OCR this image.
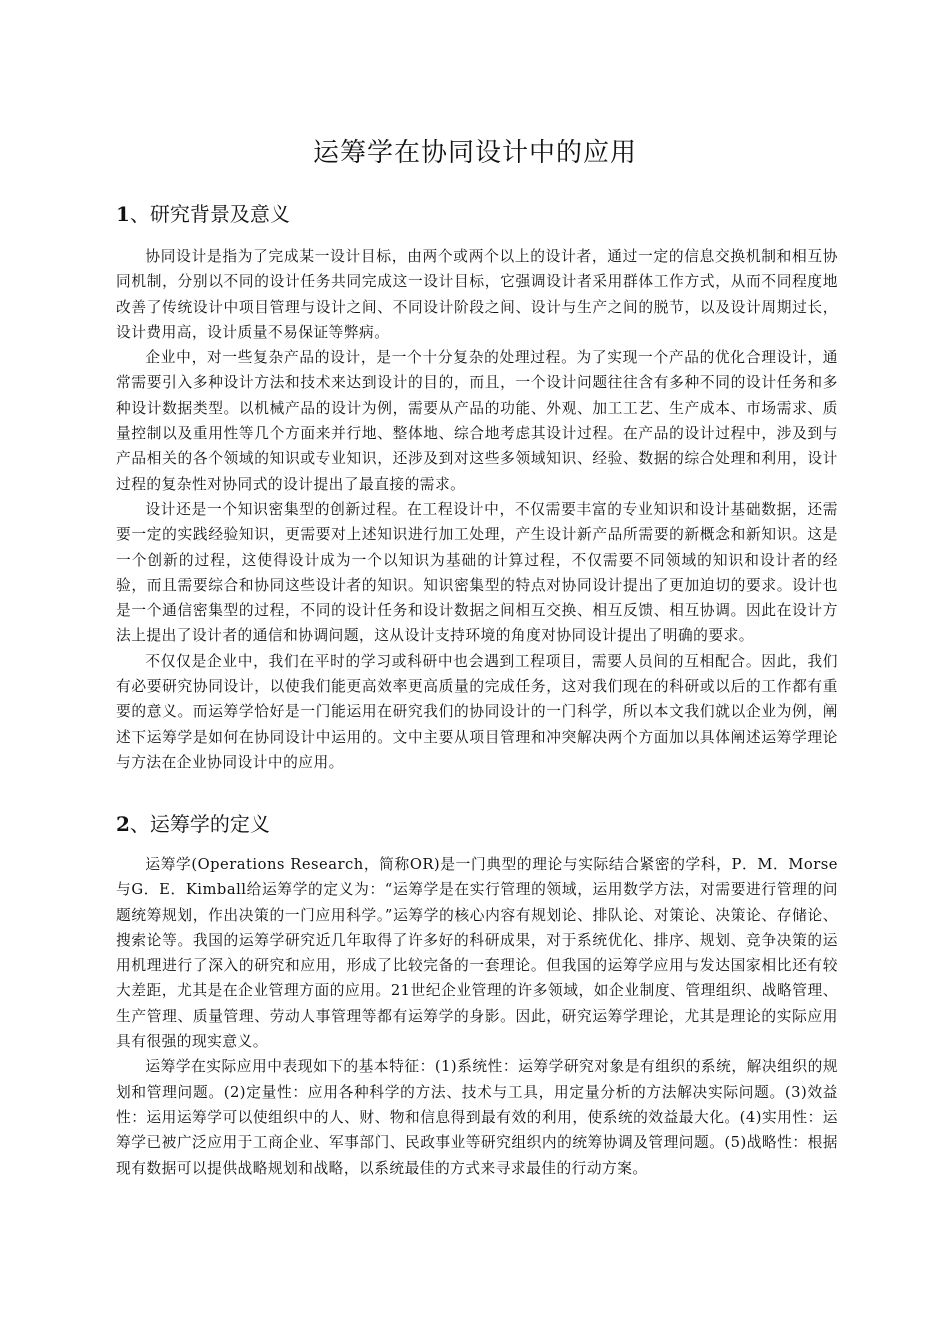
运筹学在协同设计中的应用
1、研究背景及意义

协同设计是指为了完成某一设计目标，由两个或两个以上的设计者，通过一定的信息交换机制和相互协同机制，分别以不同的设计任务共同完成这一设计目标，它强调设计者采用群体工作方式，从而不同程度地改善了传统设计中项目管理与设计之间、不同设计阶段之间、设计与生产之间的脱节，以及设计周期过长，设计费用高，设计质量不易保证等弊病。

企业中，对一些复杂产品的设计，是一个十分复杂的处理过程。为了实现一个产品的优化合理设计，通常需要引入多种设计方法和技术来达到设计的目的，而且，一个设计问题往往含有多种不同的设计任务和多种设计数据类型。以机械产品的设计为例，需要从产品的功能、外观、加工工艺、生产成本、市场需求、质量控制以及重用性等几个方面来并行地、整体地、综合地考虑其设计过程。在产品的设计过程中，涉及到与产品相关的各个领域的知识或专业知识，还涉及到对这些多领域知识、经验、数据的综合处理和利用，设计过程的复杂性对协同式的设计提出了最直接的需求。

设计还是一个知识密集型的创新过程。在工程设计中，不仅需要丰富的专业知识和设计基础数据，还需要一定的实践经验知识，更需要对上述知识进行加工处理，产生设计新产品所需要的新概念和新知识。这是一个创新的过程，这使得设计成为一个以知识为基础的计算过程，不仅需要不同领域的知识和设计者的经验，而且需要综合和协同这些设计者的知识。知识密集型的特点对协同设计提出了更加迫切的要求。设计也是一个通信密集型的过程，不同的设计任务和设计数据之间相互交换、相互反馈、相互协调。因此在设计方法上提出了设计者的通信和协调问题，这从设计支持环境的角度对协同设计提出了明确的要求。

不仅仅是企业中，我们在平时的学习或科研中也会遇到工程项目，需要人员间的互相配合。因此，我们有必要研究协同设计，以使我们能更高效率更高质量的完成任务，这对我们现在的科研或以后的工作都有重要的意义。而运筹学恰好是一门能运用在研究我们的协同设计的一门科学，所以本文我们就以企业为例，阐述下运筹学是如何在协同设计中运用的。文中主要从项目管理和冲突解决两个方面加以具体阐述运筹学理论与方法在企业协同设计中的应用。

2、运筹学的定义

运筹学(Operations Research，简称OR)是一门典型的理论与实际结合紧密的学科，P．M．Morse与G．E．Kimball给运筹学的定义为：“运筹学是在实行管理的领域，运用数学方法，对需要进行管理的问题统筹规划，作出决策的一门应用科学。”运筹学的核心内容有规划论、排队论、对策论、决策论、存储论、搜索论等。我国的运筹学研究近几年取得了许多好的科研成果，对于系统优化、排序、规划、竞争决策的运用机理进行了深入的研究和应用，形成了比较完备的一套理论。但我国的运筹学应用与发达国家相比还有较大差距，尤其是在企业管理方面的应用。21世纪企业管理的许多领域，如企业制度、管理组织、战略管理、生产管理、质量管理、劳动人事管理等都有运筹学的身影。因此，研究运筹学理论，尤其是理论的实际应用具有很强的现实意义。

运筹学在实际应用中表现如下的基本特征：(1)系统性：运筹学研究对象是有组织的系统，解决组织的规划和管理问题。(2)定量性：应用各种科学的方法、技术与工具，用定量分析的方法解决实际问题。(3)效益性：运用运筹学可以使组织中的人、财、物和信息得到最有效的利用，使系统的效益最大化。(4)实用性：运筹学已被广泛应用于工商企业、军事部门、民政事业等研究组织内的统筹协调及管理问题。(5)战略性：根据现有数据可以提供战略规划和战略，以系统最佳的方式来寻求最佳的行动方案。
